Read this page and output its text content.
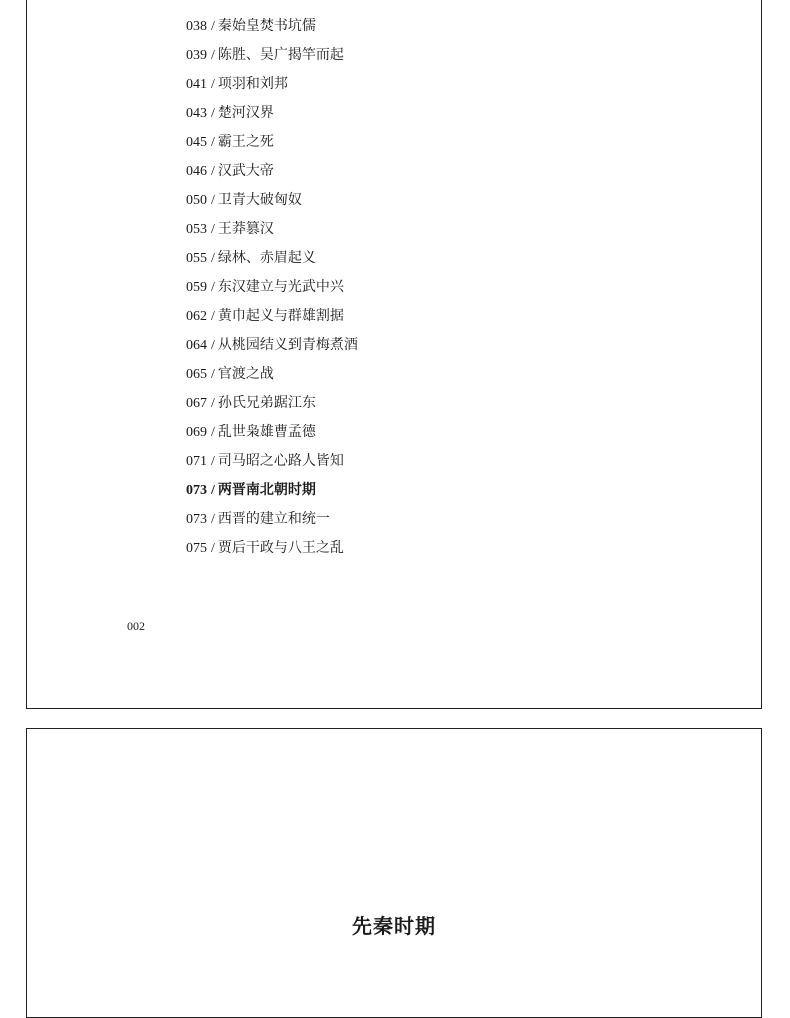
038 / 秦始皇焚书坑儒
039 / 陈胜、吴广揭竿而起
041 / 项羽和刘邦
043 / 楚河汉界
045 / 霸王之死
046 / 汉武大帝
050 / 卫青大破匈奴
053 / 王莽篡汉
055 / 绿林、赤眉起义
059 / 东汉建立与光武中兴
062 / 黄巾起义与群雄割据
064 / 从桃园结义到青梅煮酒
065 / 官渡之战
067 / 孙氏兄弟踞江东
069 / 乱世枭雄曹孟德
071 / 司马昭之心路人皆知
073 / 两晋南北朝时期
073 / 西晋的建立和统一
075 / 贾后干政与八王之乱
002
先秦时期
